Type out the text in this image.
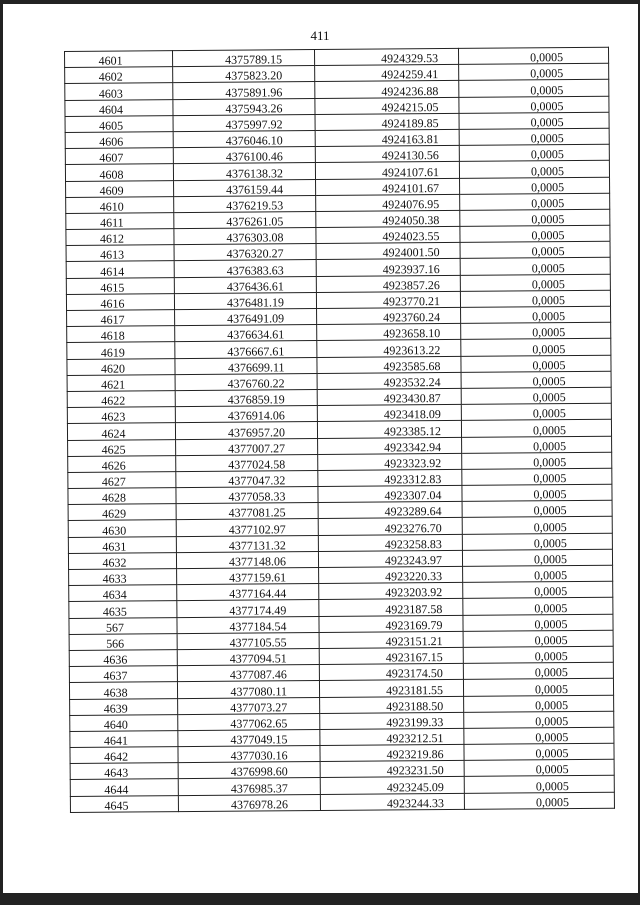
411
4601	4375789.15	4924329.53	0,0005
4602	4375823.20	4924259.41	0,0005
4603	4375891.96	4924236.88	0,0005
4604	4375943.26	4924215.05	0,0005
4605	4375997.92	4924189.85	0,0005
4606	4376046.10	4924163.81	0,0005
4607	4376100.46	4924130.56	0,0005
4608	4376138.32	4924107.61	0,0005
4609	4376159.44	4924101.67	0,0005
4610	4376219.53	4924076.95	0,0005
4611	4376261.05	4924050.38	0,0005
4612	4376303.08	4924023.55	0,0005
4613	4376320.27	4924001.50	0,0005
4614	4376383.63	4923937.16	0,0005
4615	4376436.61	4923857.26	0,0005
4616	4376481.19	4923770.21	0,0005
4617	4376491.09	4923760.24	0,0005
4618	4376634.61	4923658.10	0,0005
4619	4376667.61	4923613.22	0,0005
4620	4376699.11	4923585.68	0,0005
4621	4376760.22	4923532.24	0,0005
4622	4376859.19	4923430.87	0,0005
4623	4376914.06	4923418.09	0,0005
4624	4376957.20	4923385.12	0,0005
4625	4377007.27	4923342.94	0,0005
4626	4377024.58	4923323.92	0,0005
4627	4377047.32	4923312.83	0,0005
4628	4377058.33	4923307.04	0,0005
4629	4377081.25	4923289.64	0,0005
4630	4377102.97	4923276.70	0,0005
4631	4377131.32	4923258.83	0,0005
4632	4377148.06	4923243.97	0,0005
4633	4377159.61	4923220.33	0,0005
4634	4377164.44	4923203.92	0,0005
4635	4377174.49	4923187.58	0,0005
567	4377184.54	4923169.79	0,0005
566	4377105.55	4923151.21	0,0005
4636	4377094.51	4923167.15	0,0005
4637	4377087.46	4923174.50	0,0005
4638	4377080.11	4923181.55	0,0005
4639	4377073.27	4923188.50	0,0005
4640	4377062.65	4923199.33	0,0005
4641	4377049.15	4923212.51	0,0005
4642	4377030.16	4923219.86	0,0005
4643	4376998.60	4923231.50	0,0005
4644	4376985.37	4923245.09	0,0005
4645	4376978.26	4923244.33	0,0005
